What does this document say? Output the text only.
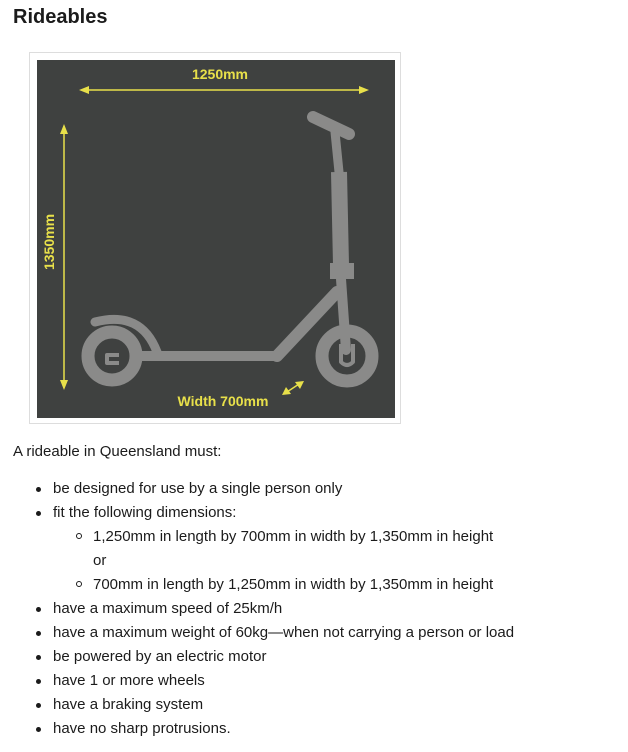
Rideables
1250mm
1350mm
Width 700mm

A rideable in Queensland must:

be designed for use by a single person only
fit the following dimensions:
1,250mm in length by 700mm in width by 1,350mm in height
or
700mm in length by 1,250mm in width by 1,350mm in height
have a maximum speed of 25km/h
have a maximum weight of 60kg—when not carrying a person or load
be powered by an electric motor
have 1 or more wheels
have a braking system
have no sharp protrusions.
